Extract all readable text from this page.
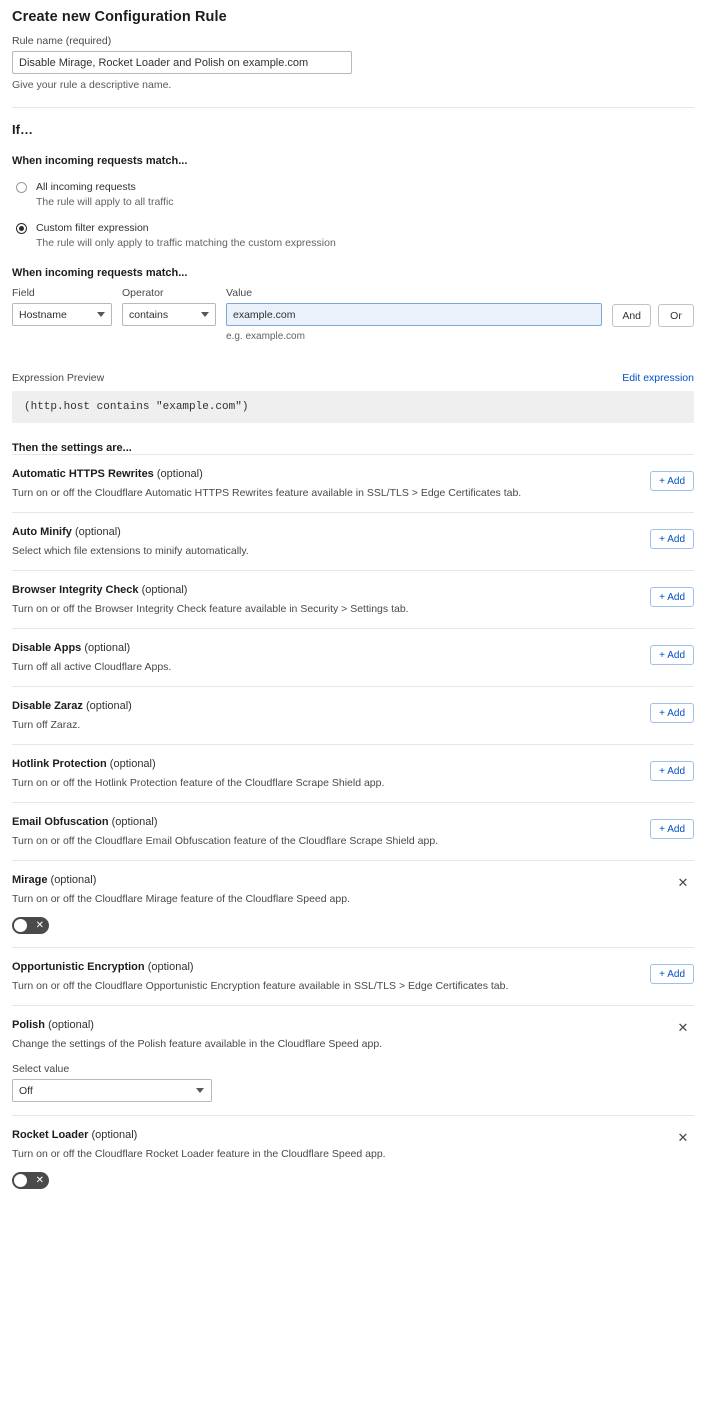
Create new Configuration Rule
Rule name (required)
Disable Mirage, Rocket Loader and Polish on example.com
Give your rule a descriptive name.
If…
When incoming requests match...
All incoming requests
The rule will apply to all traffic
Custom filter expression
The rule will only apply to traffic matching the custom expression
When incoming requests match...
Field
Hostname
Operator
contains
Value
example.com
e.g. example.com
And	Or
Expression Preview	Edit expression
(http.host contains "example.com")
Then the settings are...
Automatic HTTPS Rewrites (optional)
Turn on or off the Cloudflare Automatic HTTPS Rewrites feature available in SSL/TLS > Edge Certificates tab.
+ Add
Auto Minify (optional)
Select which file extensions to minify automatically.
+ Add
Browser Integrity Check (optional)
Turn on or off the Browser Integrity Check feature available in Security > Settings tab.
+ Add
Disable Apps (optional)
Turn off all active Cloudflare Apps.
+ Add
Disable Zaraz (optional)
Turn off Zaraz.
+ Add
Hotlink Protection (optional)
Turn on or off the Hotlink Protection feature of the Cloudflare Scrape Shield app.
+ Add
Email Obfuscation (optional)
Turn on or off the Cloudflare Email Obfuscation feature of the Cloudflare Scrape Shield app.
+ Add
Mirage (optional)
Turn on or off the Cloudflare Mirage feature of the Cloudflare Speed app.
✕
✕
Opportunistic Encryption (optional)
Turn on or off the Cloudflare Opportunistic Encryption feature available in SSL/TLS > Edge Certificates tab.
+ Add
Polish (optional)
Change the settings of the Polish feature available in the Cloudflare Speed app.
Select value
Off
✕
Rocket Loader (optional)
Turn on or off the Cloudflare Rocket Loader feature in the Cloudflare Speed app.
✕
✕
